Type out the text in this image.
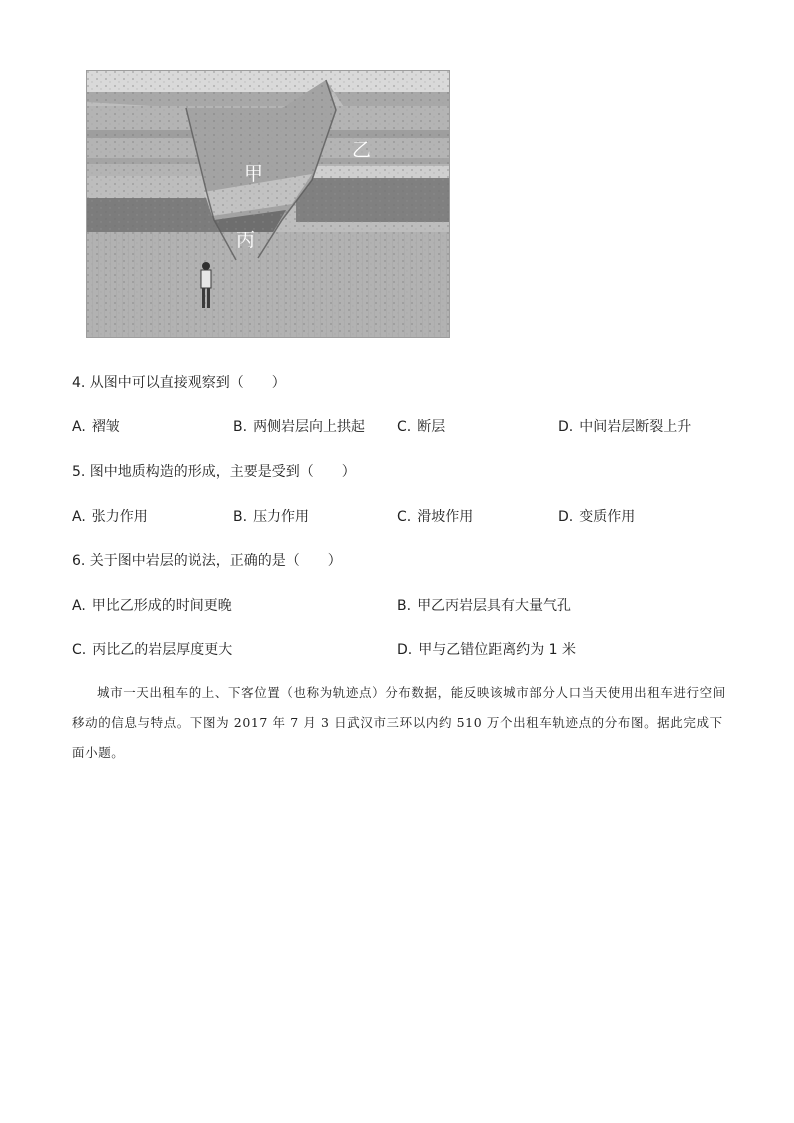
甲
乙
丙
4. 从图中可以直接观察到（　　）
A. 褶皱	B. 两侧岩层向上拱起 C. 断层	D. 中间岩层断裂上升
5. 图中地质构造的形成，主要是受到（　　）
A. 张力作用	B. 压力作用	C. 滑坡作用	D. 变质作用
6. 关于图中岩层的说法，正确的是（　　）
A. 甲比乙形成的时间更晚	B. 甲乙丙岩层具有大量气孔
C. 丙比乙的岩层厚度更大	D. 甲与乙错位距离约为 1 米
城市一天出租车的上、下客位置（也称为轨迹点）分布数据，能反映该城市部分人口当天使用出租车进行空间移动的信息与特点。下图为 2017 年 7 月 3 日武汉市三环以内约 510 万个出租车轨迹点的分布图。据此完成下面小题。
